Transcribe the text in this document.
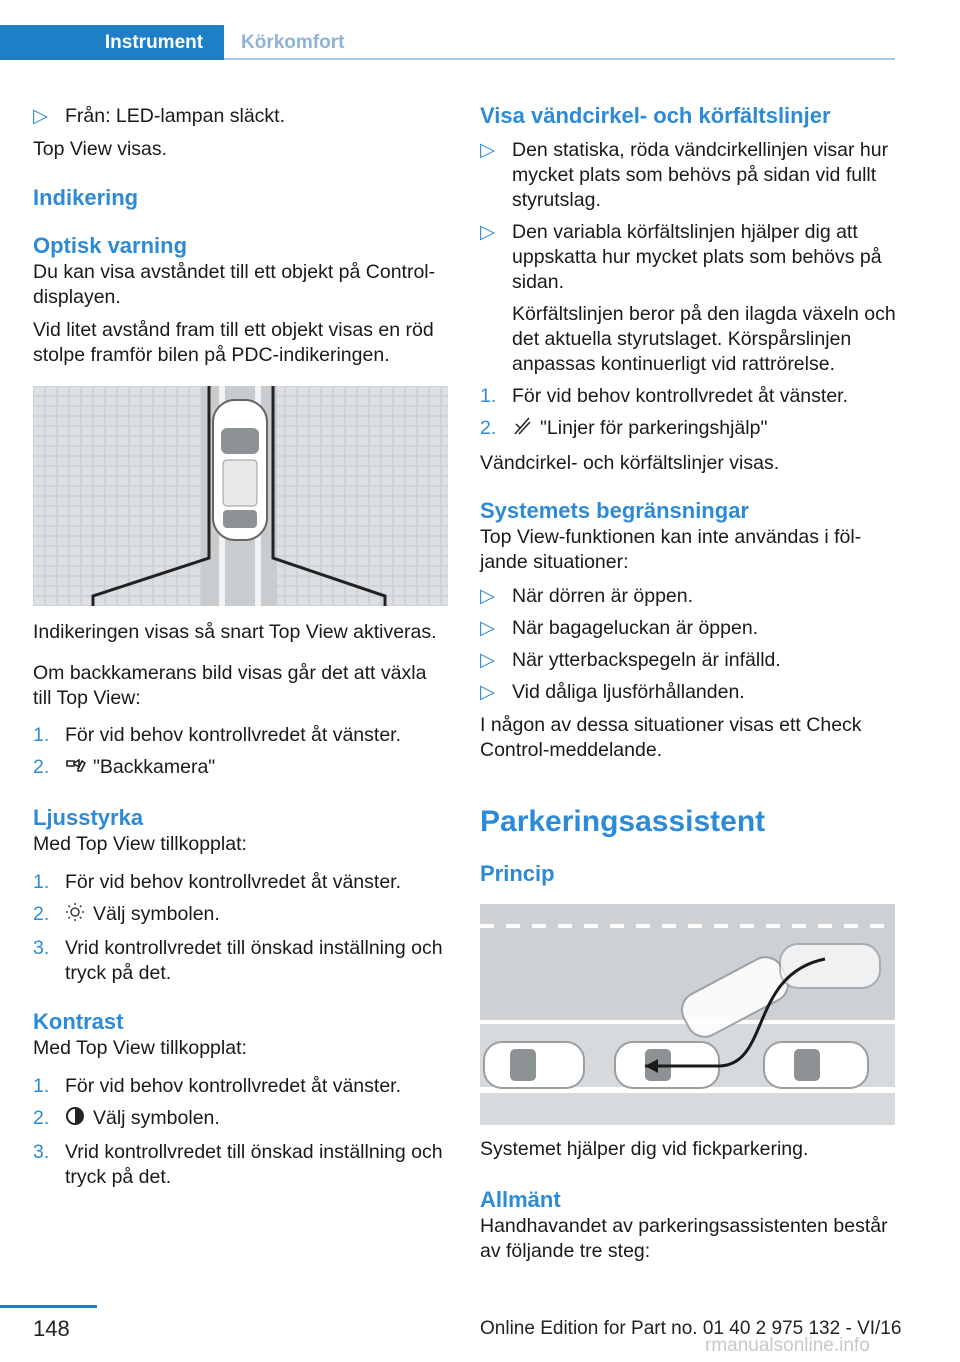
Instrument	Körkomfort
▷ Från: LED-lampan släckt.

Top View visas.

Indikering
Optisk varning

Du kan visa avståndet till ett objekt på Control-displayen.

Vid litet avstånd fram till ett objekt visas en röd stolpe framför bilen på PDC-indikeringen.

Indikeringen visas så snart Top View aktiveras.

Om backkamerans bild visas går det att växla till Top View:

1. För vid behov kontrollvredet åt vänster.
2.	"Backkamera"
Ljusstyrka

Med Top View tillkopplat:

1. För vid behov kontrollvredet åt vänster.
2.	Välj symbolen.
3. Vrid kontrollvredet till önskad inställning och tryck på det.
Kontrast

Med Top View tillkopplat:

1. För vid behov kontrollvredet åt vänster.
2.	Välj symbolen.
3. Vrid kontrollvredet till önskad inställning och tryck på det.
Visa vändcirkel- och körfältslinjer
▷ Den statiska, röda vändcirkellinjen visar hur mycket plats som behövs på sidan vid fullt styrutslag.
▷ Den variabla körfältslinjen hjälper dig att uppskatta hur mycket plats som behövs på sidan.
Körfältslinjen beror på den ilagda växeln och det aktuella styrutslaget. Körspårslinjen anpassas kontinuerligt vid rattrörelse.
1. För vid behov kontrollvredet åt vänster.
2.	"Linjer för parkeringshjälp"

Vändcirkel- och körfältslinjer visas.

Systemets begränsningar

Top View-funktionen kan inte användas i följande situationer:

▷ När dörren är öppen.
▷ När bagageluckan är öppen.
▷ När ytterbackspegeln är infälld.
▷ Vid dåliga ljusförhållanden.

I någon av dessa situationer visas ett Check Control-meddelande.

Parkeringsassistent
Princip

Systemet hjälper dig vid fickparkering.

Allmänt

Handhavandet av parkeringsassistenten består av följande tre steg:

148	Online Edition for Part no. 01 40 2 975 132 - VI/16
rmanualsonline.info
